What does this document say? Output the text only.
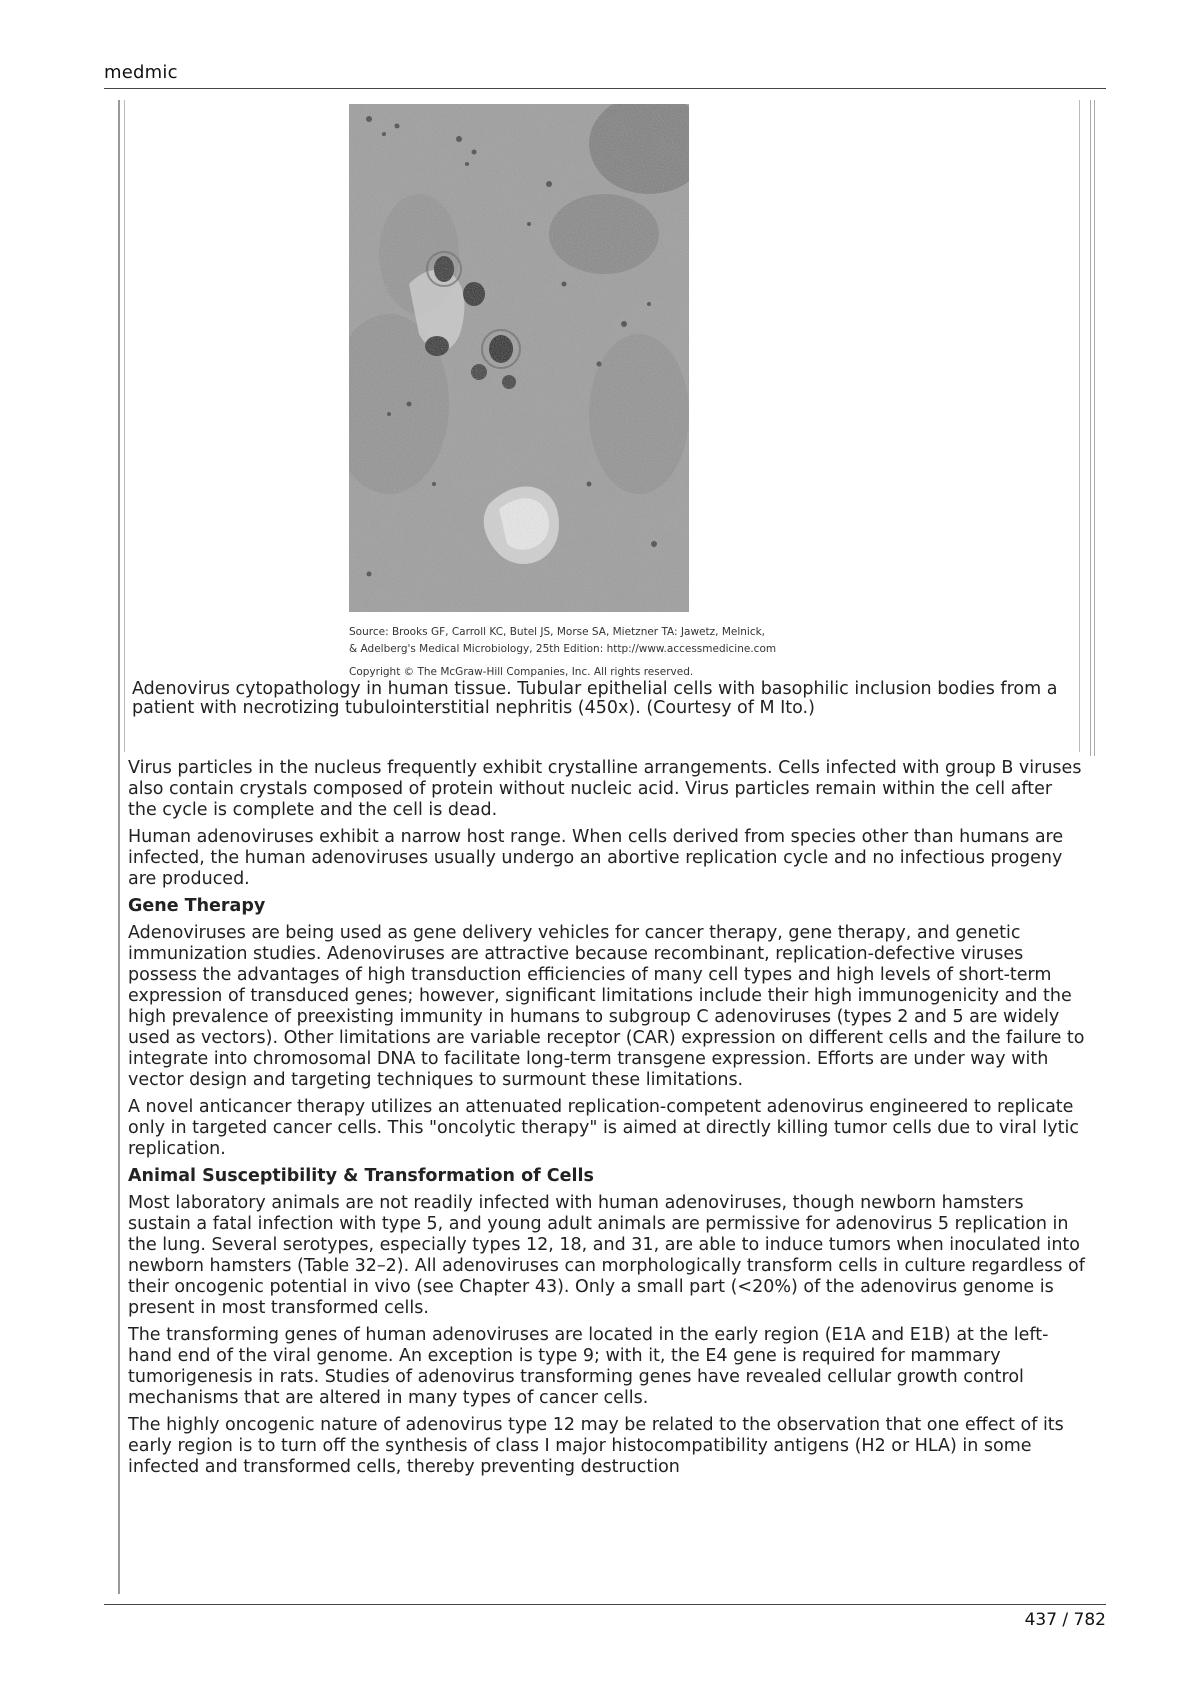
medmic
Source: Brooks GF, Carroll KC, Butel JS, Morse SA, Mietzner TA: Jawetz, Melnick,
& Adelberg's Medical Microbiology, 25th Edition: http://www.accessmedicine.com
Copyright © The McGraw-Hill Companies, Inc. All rights reserved.
Adenovirus cytopathology in human tissue. Tubular epithelial cells with basophilic inclusion bodies from a patient with necrotizing tubulointerstitial nephritis (450x). (Courtesy of M Ito.)

Virus particles in the nucleus frequently exhibit crystalline arrangements. Cells infected with group B viruses also contain crystals composed of protein without nucleic acid. Virus particles remain within the cell after the cycle is complete and the cell is dead.

Human adenoviruses exhibit a narrow host range. When cells derived from species other than humans are infected, the human adenoviruses usually undergo an abortive replication cycle and no infectious progeny are produced.

Gene Therapy

Adenoviruses are being used as gene delivery vehicles for cancer therapy, gene therapy, and genetic immunization studies. Adenoviruses are attractive because recombinant, replication-defective viruses possess the advantages of high transduction efficiencies of many cell types and high levels of short-term expression of transduced genes; however, significant limitations include their high immunogenicity and the high prevalence of preexisting immunity in humans to subgroup C adenoviruses (types 2 and 5 are widely used as vectors). Other limitations are variable receptor (CAR) expression on different cells and the failure to integrate into chromosomal DNA to facilitate long-term transgene expression. Efforts are under way with vector design and targeting techniques to surmount these limitations.

A novel anticancer therapy utilizes an attenuated replication-competent adenovirus engineered to replicate only in targeted cancer cells. This "oncolytic therapy" is aimed at directly killing tumor cells due to viral lytic replication.

Animal Susceptibility & Transformation of Cells

Most laboratory animals are not readily infected with human adenoviruses, though newborn hamsters sustain a fatal infection with type 5, and young adult animals are permissive for adenovirus 5 replication in the lung. Several serotypes, especially types 12, 18, and 31, are able to induce tumors when inoculated into newborn hamsters (Table 32–2). All adenoviruses can morphologically transform cells in culture regardless of their oncogenic potential in vivo (see Chapter 43). Only a small part (<20%) of the adenovirus genome is present in most transformed cells.

The transforming genes of human adenoviruses are located in the early region (E1A and E1B) at the left-hand end of the viral genome. An exception is type 9; with it, the E4 gene is required for mammary tumorigenesis in rats. Studies of adenovirus transforming genes have revealed cellular growth control mechanisms that are altered in many types of cancer cells.

The highly oncogenic nature of adenovirus type 12 may be related to the observation that one effect of its early region is to turn off the synthesis of class I major histocompatibility antigens (H2 or HLA) in some infected and transformed cells, thereby preventing destruction

437 / 782
